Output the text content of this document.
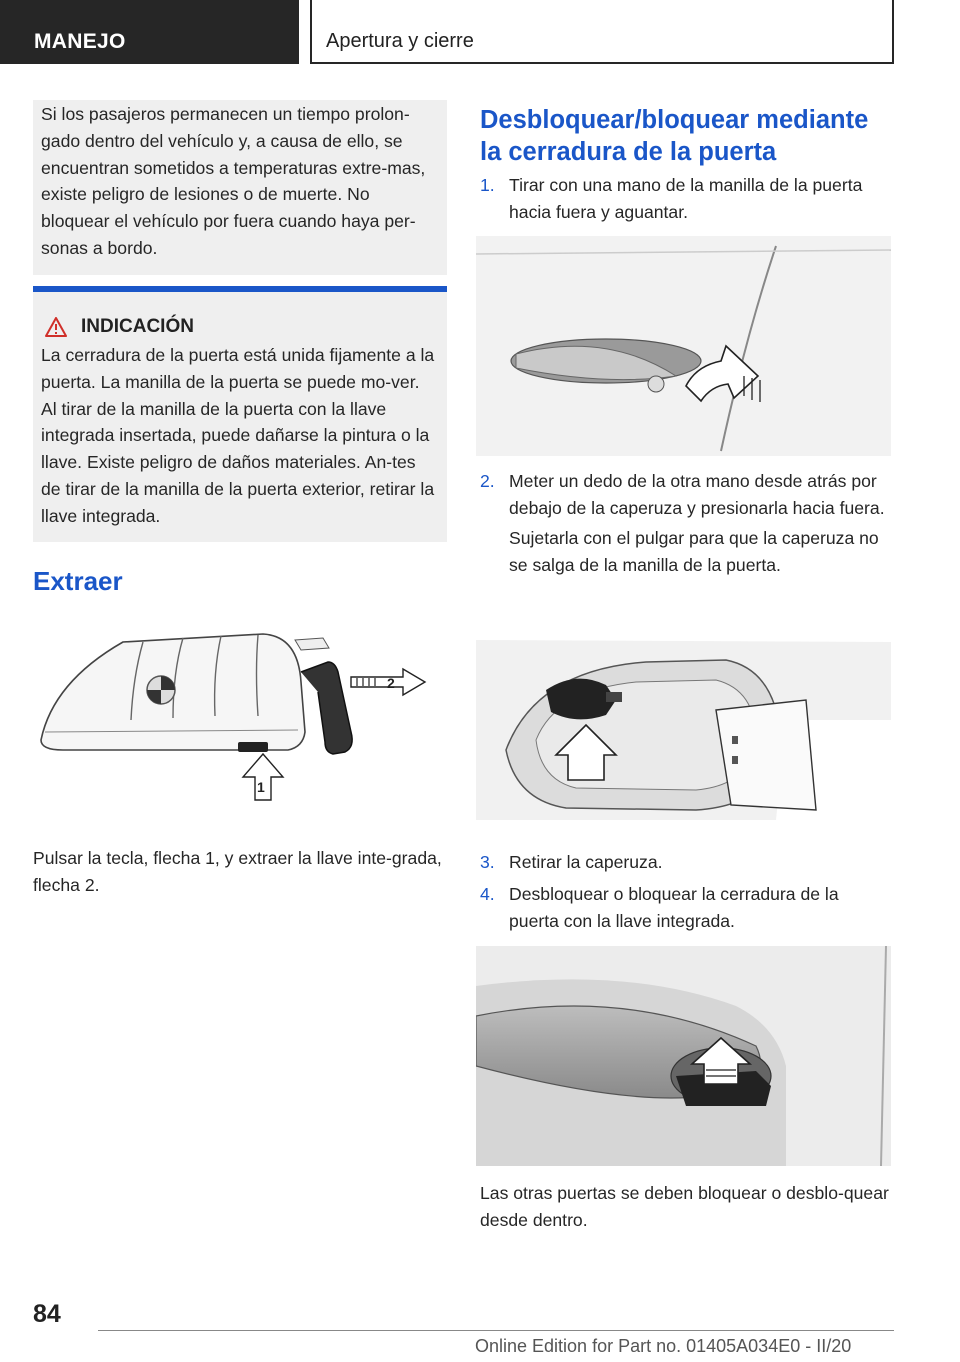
MANEJO	Apertura y cierre

Si los pasajeros permanecen un tiempo prolon-gado dentro del vehículo y, a causa de ello, se encuentran sometidos a temperaturas extre-mas, existe peligro de lesiones o de muerte. No bloquear el vehículo por fuera cuando haya per-sonas a bordo.

INDICACIÓN

La cerradura de la puerta está unida fijamente a la puerta. La manilla de la puerta se puede mo-ver. Al tirar de la manilla de la puerta con la llave integrada insertada, puede dañarse la pintura o la llave. Existe peligro de daños materiales. An-tes de tirar de la manilla de la puerta exterior, retirar la llave integrada.

Extraer
2
1

Pulsar la tecla, flecha 1, y extraer la llave inte-grada, flecha 2.

Desbloquear/bloquear mediante
la cerradura de la puerta
1. Tirar con una mano de la manilla de la puerta hacia fuera y aguantar.
2. Meter un dedo de la otra mano desde atrás por debajo de la caperuza y presionarla hacia fuera.
Sujetarla con el pulgar para que la caperuza no se salga de la manilla de la puerta.
3. Retirar la caperuza.
4. Desbloquear o bloquear la cerradura de la puerta con la llave integrada.

Las otras puertas se deben bloquear o desblo-quear desde dentro.

84
Online Edition for Part no. 01405A034E0 - II/20
